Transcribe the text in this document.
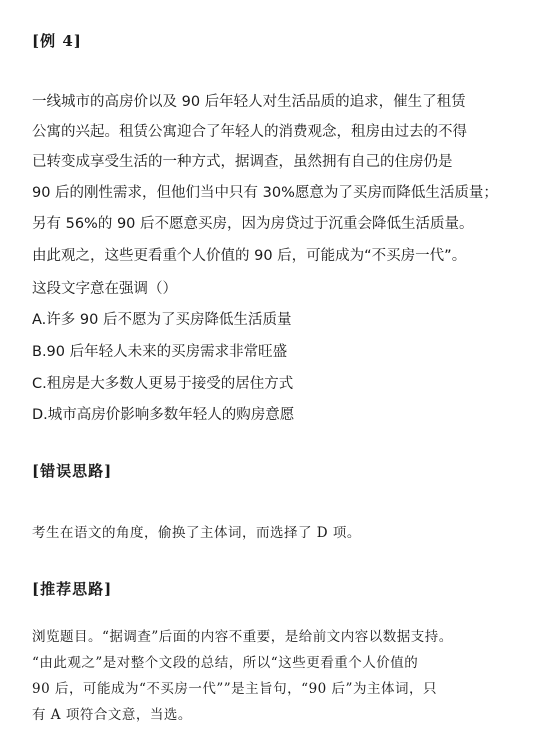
[例 4]
一线城市的高房价以及 90 后年轻人对生活品质的追求，催生了租赁
公寓的兴起。租赁公寓迎合了年轻人的消费观念，租房由过去的不得
已转变成享受生活的一种方式，据调查，虽然拥有自己的住房仍是
90 后的刚性需求，但他们当中只有 30%愿意为了买房而降低生活质量；
另有 56%的 90 后不愿意买房，因为房贷过于沉重会降低生活质量。
由此观之，这些更看重个人价值的 90 后，可能成为“不买房一代”。
这段文字意在强调（）
A.许多 90 后不愿为了买房降低生活质量
B.90 后年轻人未来的买房需求非常旺盛
C.租房是大多数人更易于接受的居住方式
D.城市高房价影响多数年轻人的购房意愿
[错误思路]
考生在语文的角度，偷换了主体词，而选择了 D 项。
[推荐思路]
浏览题目。“据调查”后面的内容不重要，是给前文内容以数据支持。
“由此观之”是对整个文段的总结，所以“这些更看重个人价值的
90 后，可能成为“不买房一代””是主旨句，“90 后”为主体词，只
有 A 项符合文意，当选。
